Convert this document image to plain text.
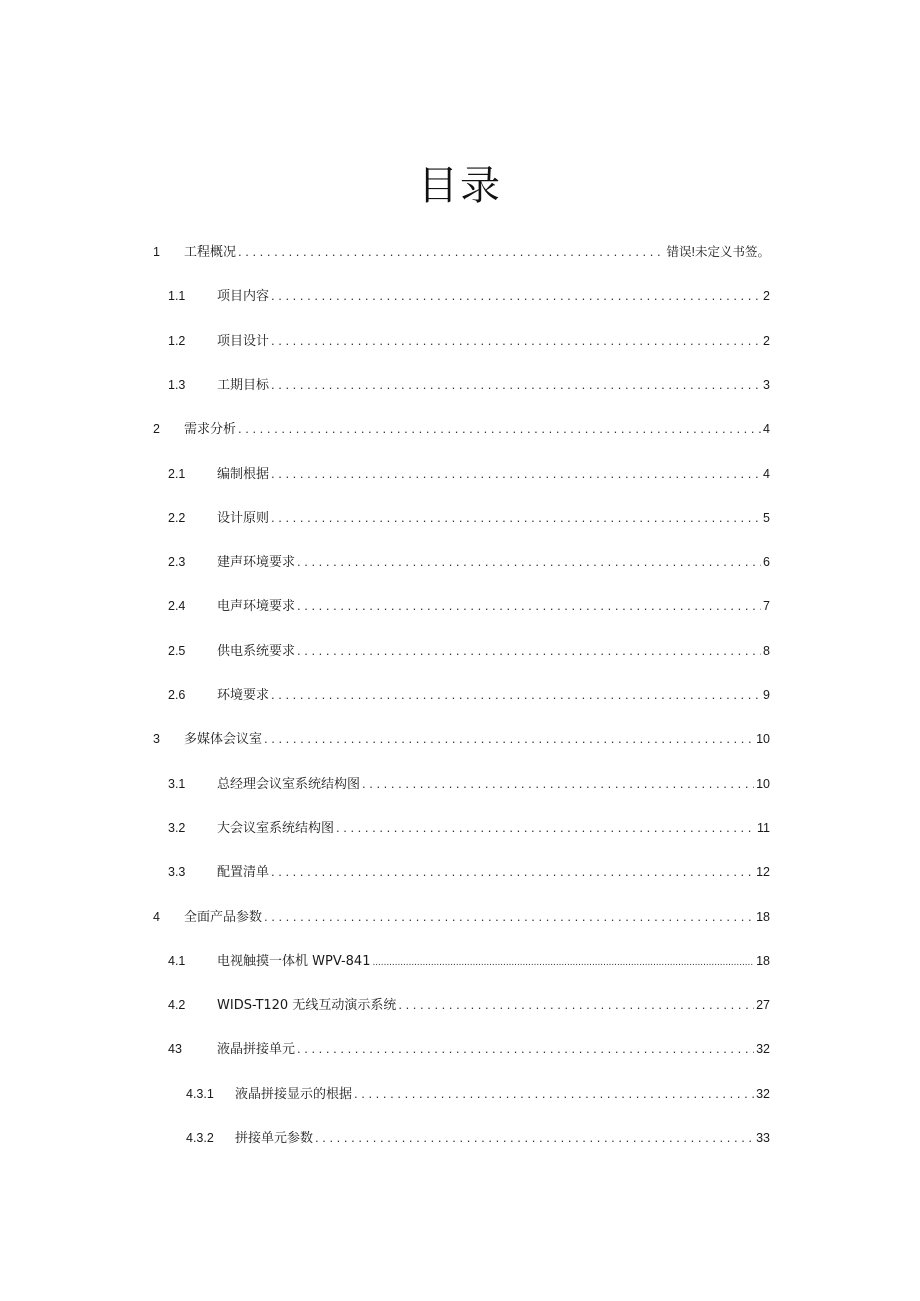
目录
1 工程概况 . . .	错误!未定义书签。
1.1 项目内容 . . .	2
1.2 项目设计 . . .	2
1.3 工期目标 . . .	3
2 需求分析 . . .	4
2.1 编制根据 . . .	4
2.2 设计原则 . . .	5
2.3 建声环境要求 . . .	6
2.4 电声环境要求 . . .	7
2.5 供电系统要求 . . .	8
2.6 环境要求 . . .	9
3 多媒体会议室 . . .	10
3.1 总经理会议室系统结构图 . . .	10
3.2 大会议室系统结构图 . . .	11
3.3 配置清单 . . .	12
4 全面产品参数 . . .	18
4.1 电视触摸一体机 WPV-841 .....	18
4.2 WIDS-T120 无线互动演示系统 . . .	27
43	液晶拼接单元 . . .	32
4.3.1 液晶拼接显示的根据 . . .	32
4.3.2 拼接单元参数 . . .	33
